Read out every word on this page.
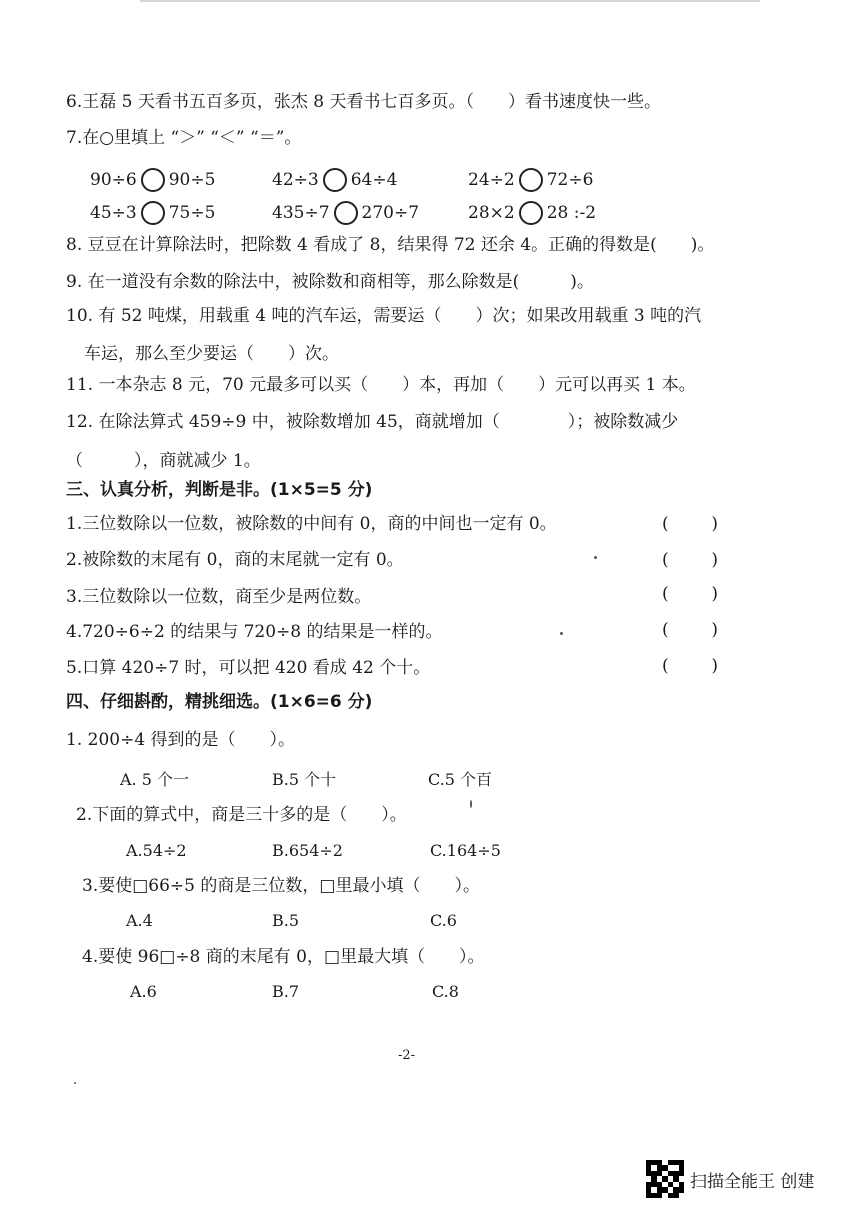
6.王磊 5 天看书五百多页，张杰 8 天看书七百多页。（　　）看书速度快一些。
7.在○里填上 “＞” “＜” “＝”。
90÷6 90÷5	42÷3 64÷4	24÷2 72÷6
45÷3 75÷5	435÷7 270÷7	28×2 28 :-2
8. 豆豆在计算除法时，把除数 4 看成了 8，结果得 72 还余 4。正确的得数是(　　)。
9. 在一道没有余数的除法中，被除数和商相等，那么除数是(　　　)。
10. 有 52 吨煤，用载重 4 吨的汽车运，需要运（　　）次；如果改用载重 3 吨的汽
车运，那么至少要运（　　）次。
11. 一本杂志 8 元，70 元最多可以买（　　）本，再加（　　）元可以再买 1 本。
12. 在除法算式 459÷9 中，被除数增加 45，商就增加（　　　　）；被除数减少
（　　　），商就减少 1。
三、认真分析，判断是非。(1×5=5 分)
1.三位数除以一位数，被除数的中间有 0，商的中间也一定有 0。	(	)
2.被除数的末尾有 0，商的末尾就一定有 0。	(	)
3.三位数除以一位数，商至少是两位数。	(	)
4.720÷6÷2 的结果与 720÷8 的结果是一样的。	(	)
5.口算 420÷7 时，可以把 420 看成 42 个十。	(	)
四、仔细斟酌，精挑细选。(1×6=6 分)
1. 200÷4 得到的是（　　）。
A. 5 个一	B.5 个十	C.5 个百
2.下面的算式中，商是三十多的是（　　）。
A.54÷2	B.654÷2	C.164÷5
3.要使□66÷5 的商是三位数，□里最小填（　　）。
A.4	B.5	C.6
4.要使 96□÷8 商的末尾有 0，□里最大填（　　）。
A.6	B.7	C.8
-2-
扫描全能王 创建
